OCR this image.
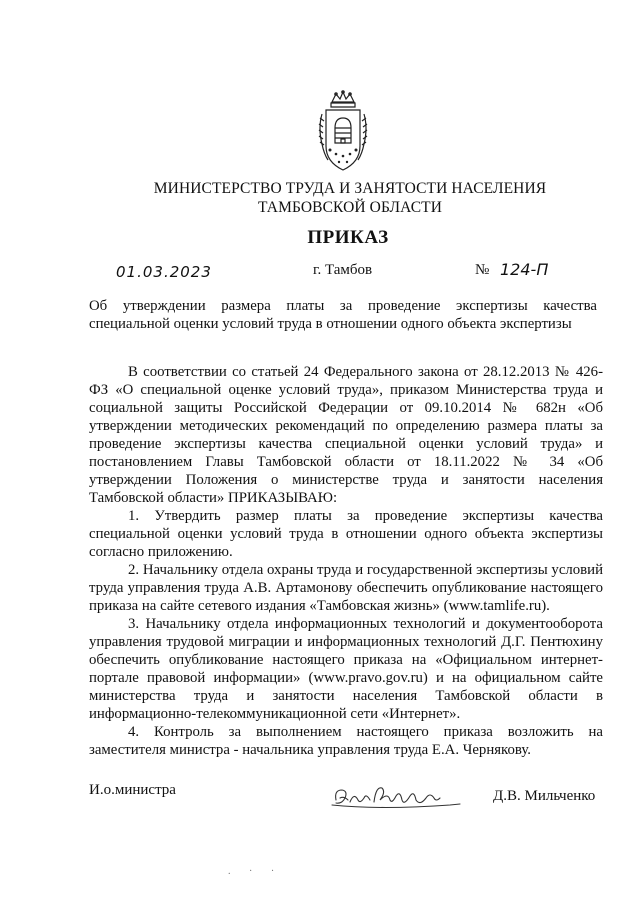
МИНИСТЕРСТВО ТРУДА И ЗАНЯТОСТИ НАСЕЛЕНИЯ
ТАМБОВСКОЙ ОБЛАСТИ
ПРИКАЗ
01.03.2023	г. Тамбов	№ 124-П
Об утверждении размера платы за проведение экспертизы качества специальной оценки условий труда в отношении одного объекта экспертизы

В соответствии со статьей 24 Федерального закона от 28.12.2013 № 426-ФЗ «О специальной оценке условий труда», приказом Министерства труда и социальной защиты Российской Федерации от 09.10.2014 № 682н «Об утверждении методических рекомендаций по определению размера платы за проведение экспертизы качества специальной оценки условий труда» и постановлением Главы Тамбовской области от 18.11.2022 № 34 «Об утверждении Положения о министерстве труда и занятости населения Тамбовской области» ПРИКАЗЫВАЮ:

1. Утвердить размер платы за проведение экспертизы качества специальной оценки условий труда в отношении одного объекта экспертизы согласно приложению.

2. Начальнику отдела охраны труда и государственной экспертизы условий труда управления труда А.В. Артамонову обеспечить опубликование настоящего приказа на сайте сетевого издания «Тамбовская жизнь» (www.tamlife.ru).

3. Начальнику отдела информационных технологий и документооборота управления трудовой миграции и информационных технологий Д.Г. Пентюхину обеспечить опубликование настоящего приказа на «Официальном интернет-портале правовой информации» (www.pravo.gov.ru) и на официальном сайте министерства труда и занятости населения Тамбовской области в информационно-телекоммуникационной сети «Интернет».

4. Контроль за выполнением настоящего приказа возложить на заместителя министра - начальника управления труда Е.А. Чернякову.

И.о.министра	Д.В. Мильченко
. · ·
